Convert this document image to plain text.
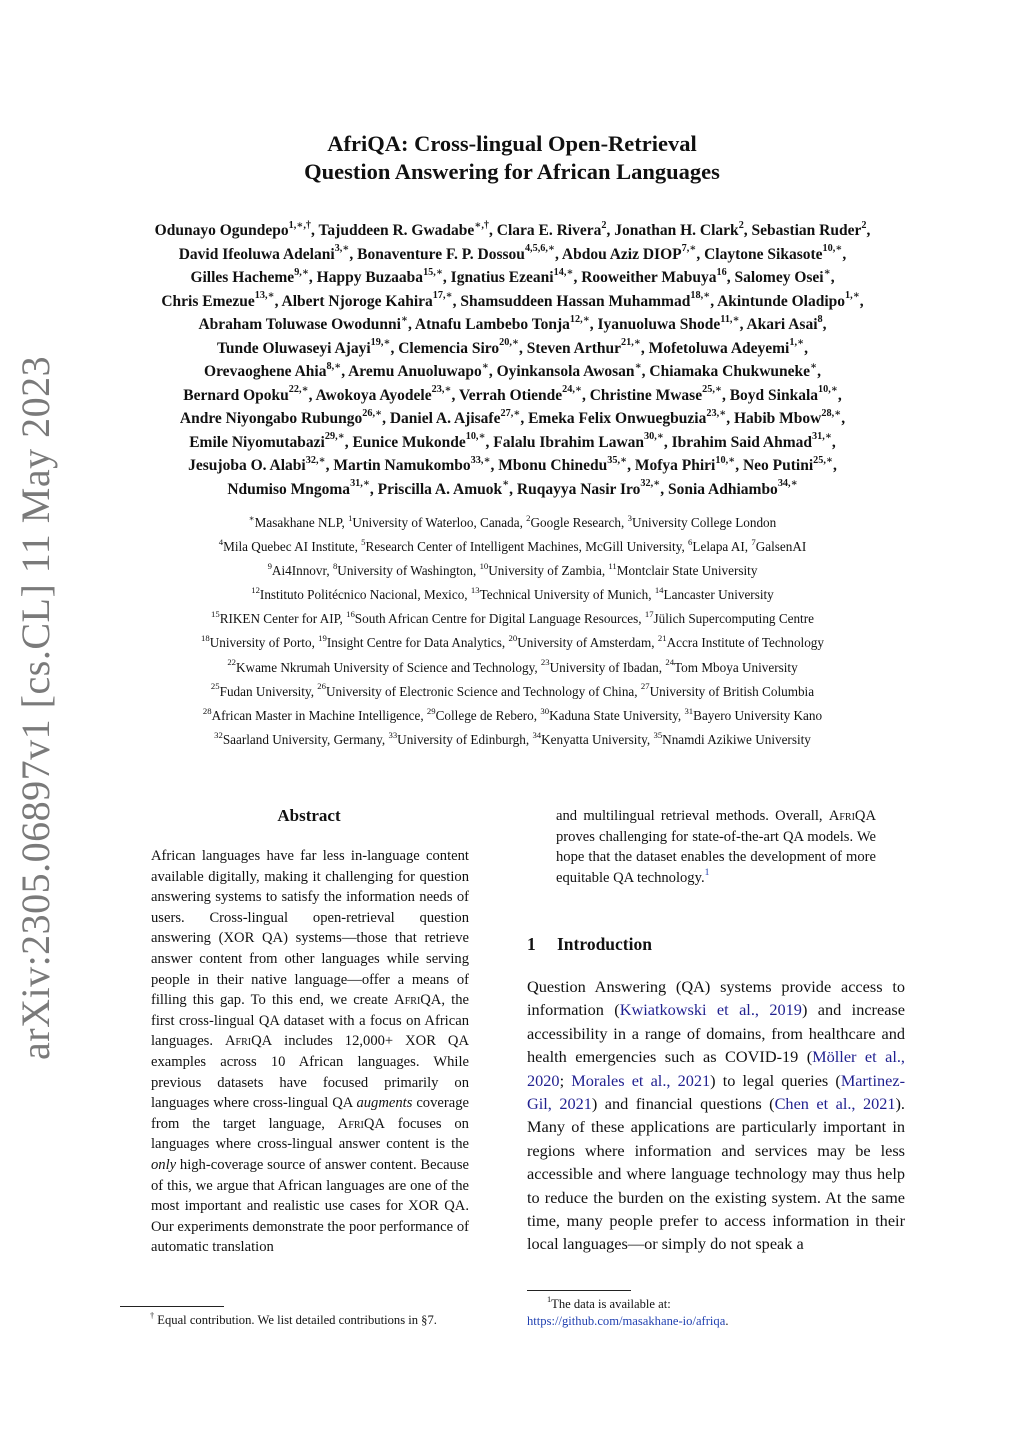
arXiv:2305.06897v1 [cs.CL] 11 May 2023
AfriQA: Cross-lingual Open-Retrieval
Question Answering for African Languages
Odunayo Ogundepo$^{1,∗,\dagger}$, Tajuddeen R. Gwadabe∗,†, Clara E. Rivera$^2$, Jonathan H. Clark$^2$, Sebastian Ruder$^2$,
David Ifeoluwa Adelani$^{3,∗}$, Bonaventure F. P. Dossou$^{4,5,6,∗}$, Abdou Aziz $DIOP^{7,∗}$, Claytone Sikasote$^{10,∗}$,
Gilles Hacheme$^{9,∗}$, Happy Buzaaba$^{15,∗}$, Ignatius Ezeani$^{14,∗}$, Rooweither Mabuya$^{16}$, Salomey Osei∗,
Chris Emezue$^{13,∗}$, Albert Njoroge Kahira$^{17,∗}$, Shamsuddeen Hassan Muhammad$^{18,∗}$, Akintunde Oladipo$^{1,∗}$,
Abraham Toluwase Owodunni∗, Atnafu Lambebo Tonja$^{12,∗}$, Iyanuoluwa Shode$^{11,∗}$, Akari Asai$^8$,
Tunde Oluwaseyi Ajayi$^{19,∗}$, Clemencia Siro$^{20,∗}$, Steven Arthur$^{21,∗}$, Mofetoluwa Adeyemi$^{1,∗}$,
Orevaoghene Ahia$^{8,∗}$, Aremu Anuoluwapo∗, Oyinkansola Awosan∗, Chiamaka Chukwuneke∗,
Bernard Opoku$^{22,∗}$, Awokoya Ayodele$^{23,∗}$, Verrah Otiende$^{24,∗}$, Christine Mwase$^{25,∗}$, Boyd Sinkala$^{10,∗}$,
Andre Niyongabo Rubungo$^{26,∗}$, Daniel A. Ajisafe$^{27,∗}$, Emeka Felix Onwuegbuzia$^{23,∗}$, Habib Mbow$^{28,∗}$,
Emile Niyomutabazi$^{29,∗}$, Eunice Mukonde$^{10,∗}$, Falalu Ibrahim Lawan$^{30,∗}$, Ibrahim Said Ahmad$^{31,∗}$,
Jesujoba O. Alabi$^{32,∗}$, Martin Namukombo$^{33,∗}$, Mbonu Chinedu$^{35,∗}$, Mofya Phiri$^{10,∗}$, Neo Putini$^{25,∗}$,
Ndumiso Mngoma$^{31,∗}$, Priscilla A. Amuok∗, Ruqayya Nasir Iro$^{32,∗}$, Sonia Adhiambo$^{34,∗}$
∗Masakhane NLP, $^1$University of Waterloo, Canada, $^2$Google Research, $^3$University College London
$^4$Mila Quebec AI Institute, $^5$Research Center of Intelligent Machines, McGill University, $^6$Lelapa AI, $^7$GalsenAI
$^9$Ai4Innovr, $^8$University of Washington, $^{10}$University of Zambia, $^{11}$Montclair State University
$^{12}$Instituto Politécnico Nacional, Mexico, $^{13}$Technical University of Munich, $^{14}$Lancaster University
$^{15}$RIKEN Center for AIP, $^{16}$South African Centre for Digital Language Resources, $^{17}$Jülich Supercomputing Centre
$^{18}$University of Porto, $^{19}$Insight Centre for Data Analytics, $^{20}$University of Amsterdam, $^{21}$Accra Institute of Technology
$^{22}$Kwame Nkrumah University of Science and Technology, $^{23}$University of Ibadan, $^{24}$Tom Mboya University
$^{25}$Fudan University, $^{26}$University of Electronic Science and Technology of China, $^{27}$University of British Columbia
$^{28}$African Master in Machine Intelligence, $^{29}$College de Rebero, $^{30}$Kaduna State University, $^{31}$Bayero University Kano
$^{32}$Saarland University, Germany, $^{33}$University of Edinburgh, $^{34}$Kenyatta University, $^{35}$Nnamdi Azikiwe University
Abstract
African languages have far less in-language content available digitally, making it challenging for question answering systems to satisfy the information needs of users. Cross-lingual open-retrieval question answering (XOR QA) systems—those that retrieve answer content from other languages while serving people in their native language—offer a means of filling this gap. To this end, we create AfriQA, the first cross-lingual QA dataset with a focus on African languages. AfriQA includes 12,000+ XOR QA examples across 10 African languages. While previous datasets have focused primarily on languages where cross-lingual QA augments coverage from the target language, AfriQA focuses on languages where cross-lingual answer content is the only high-coverage source of answer content. Because of this, we argue that African languages are one of the most important and realistic use cases for XOR QA. Our experiments demonstrate the poor performance of automatic translation
† Equal contribution. We list detailed contributions in §7.
and multilingual retrieval methods. Overall, AfriQA proves challenging for state-of-the-art QA models. We hope that the dataset enables the development of more equitable QA technology.$^1$
1 Introduction
Question Answering (QA) systems provide access to information (Kwiatkowski et al., 2019) and increase accessibility in a range of domains, from healthcare and health emergencies such as COVID-19 (Möller et al., 2020; Morales et al., 2021) to legal queries (Martinez-Gil, 2021) and financial questions (Chen et al., 2021). Many of these applications are particularly important in regions where information and services may be less accessible and where language technology may thus help to reduce the burden on the existing system. At the same time, many people prefer to access information in their local languages—or simply do not speak a
$^1$The data is available at:
https://github.com/masakhane-io/afriqa.
